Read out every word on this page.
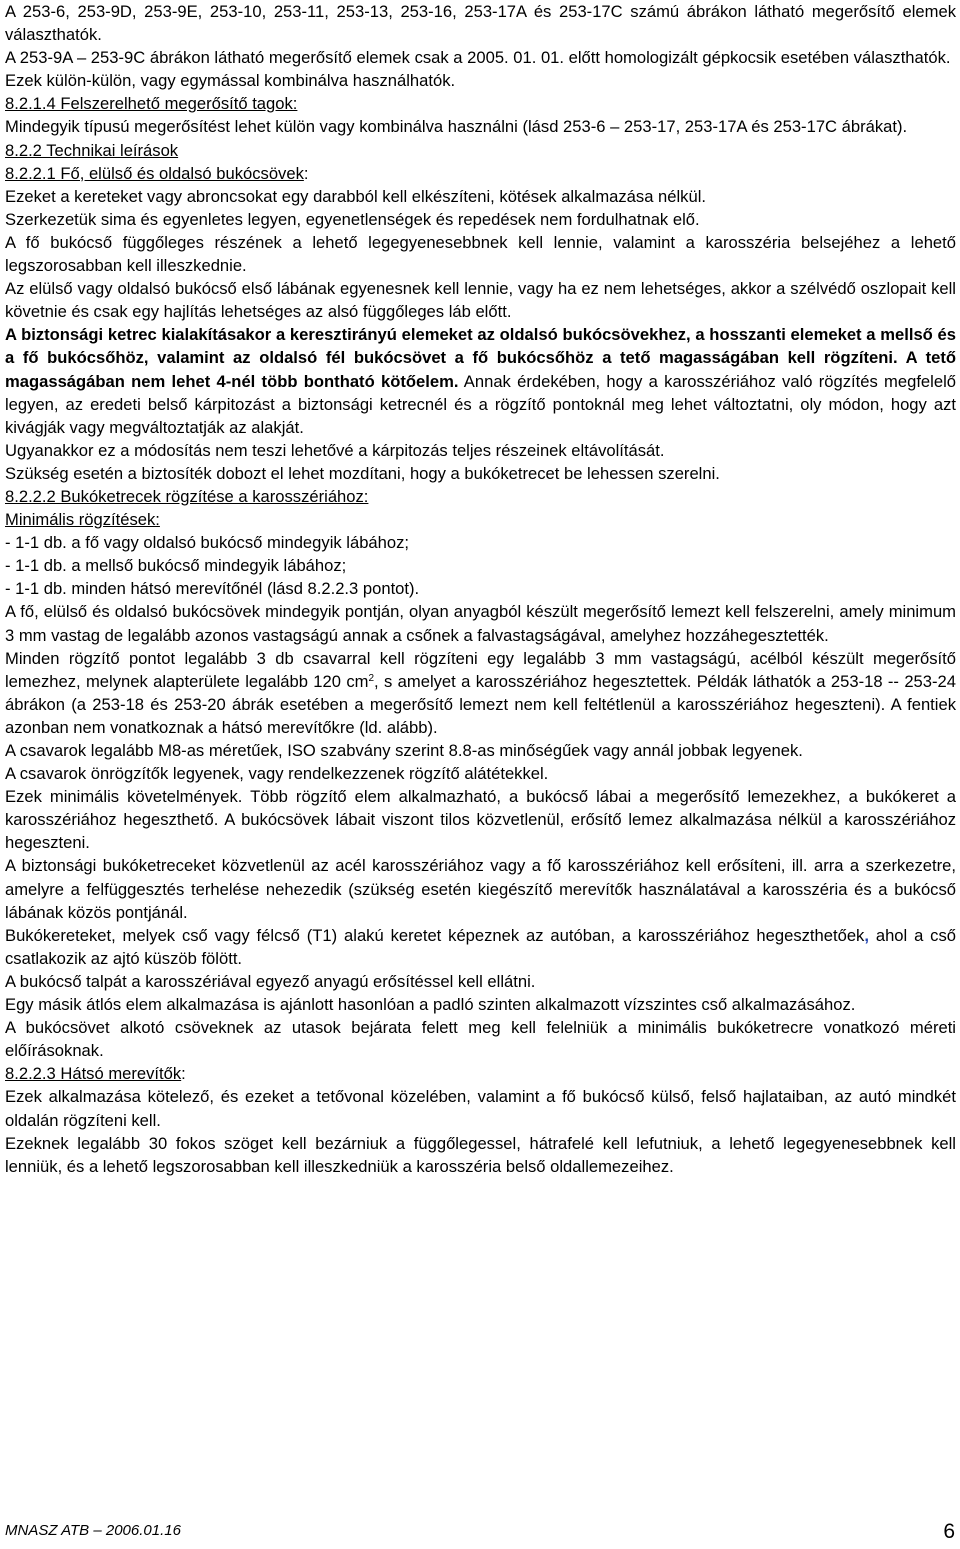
A 253-6, 253-9D, 253-9E, 253-10, 253-11, 253-13, 253-16, 253-17A és 253-17C számú ábrákon látható megerősítő elemek választhatók.

A 253-9A – 253-9C ábrákon látható megerősítő elemek csak a 2005. 01. 01. előtt homologizált gépkocsik esetében választhatók.

Ezek külön-külön, vagy egymással kombinálva használhatók.

8.2.1.4 Felszerelhető megerősítő tagok:

Mindegyik típusú megerősítést lehet külön vagy kombinálva használni (lásd 253-6 – 253-17, 253-17A és 253-17C ábrákat).

8.2.2 Technikai leírások

8.2.2.1 Fő, elülső és oldalsó bukócsövek:

Ezeket a kereteket vagy abroncsokat egy darabból kell elkészíteni, kötések alkalmazása nélkül.

Szerkezetük sima és egyenletes legyen, egyenetlenségek és repedések nem fordulhatnak elő.

A fő bukócső függőleges részének a lehető legegyenesebbnek kell lennie, valamint a karosszéria belsejéhez a lehető legszorosabban kell illeszkednie.

Az elülső vagy oldalsó bukócső első lábának egyenesnek kell lennie, vagy ha ez nem lehetséges, akkor a szélvédő oszlopait kell követnie és csak egy hajlítás lehetséges az alsó függőleges láb előtt.

A biztonsági ketrec kialakításakor a keresztirányú elemeket az oldalsó bukócsövekhez, a hosszanti elemeket a mellső és a fő bukócsőhöz, valamint az oldalsó fél bukócsövet a fő bukócsőhöz a tető magasságában kell rögzíteni. A tető magasságában nem lehet 4-nél több bontható kötőelem. Annak érdekében, hogy a karosszériához való rögzítés megfelelő legyen, az eredeti belső kárpitozást a biztonsági ketrecnél és a rögzítő pontoknál meg lehet változtatni, oly módon, hogy azt kivágják vagy megváltoztatják az alakját.

Ugyanakkor ez a módosítás nem teszi lehetővé a kárpitozás teljes részeinek eltávolítását.

Szükség esetén a biztosíték dobozt el lehet mozdítani, hogy a bukóketrecet be lehessen szerelni.

8.2.2.2 Bukóketrecek rögzítése a karosszériához:

Minimális rögzítések:

- 1-1 db. a fő vagy oldalsó bukócső mindegyik lábához;

- 1-1 db. a mellső bukócső mindegyik lábához;

- 1-1 db. minden hátsó merevítőnél (lásd 8.2.2.3 pontot).

A fő, elülső és oldalsó bukócsövek mindegyik pontján, olyan anyagból készült megerősítő lemezt kell felszerelni, amely minimum 3 mm vastag de legalább azonos vastagságú annak a csőnek a falvastagságával, amelyhez hozzáhegesztették.

Minden rögzítő pontot legalább 3 db csavarral kell rögzíteni egy legalább 3 mm vastagságú, acélból készült megerősítő lemezhez, melynek alapterülete legalább 120 $cm^2$, s amelyet a karosszériához hegesztettek. Példák láthatók a 253-18 -- 253-24 ábrákon (a 253-18 és 253-20 ábrák esetében a megerősítő lemezt nem kell feltétlenül a karosszériához hegeszteni). A fentiek azonban nem vonatkoznak a hátsó merevítőkre (ld. alább).

A csavarok legalább M8-as méretűek, ISO szabvány szerint 8.8-as minőségűek vagy annál jobbak legyenek.

A csavarok önrögzítők legyenek, vagy rendelkezzenek rögzítő alátétekkel.

Ezek minimális követelmények. Több rögzítő elem alkalmazható, a bukócső lábai a megerősítő lemezekhez, a bukókeret a karosszériához hegeszthető. A bukócsövek lábait viszont tilos közvetlenül, erősítő lemez alkalmazása nélkül a karosszériához hegeszteni.

A biztonsági bukóketreceket közvetlenül az acél karosszériához vagy a fő karosszériához kell erősíteni, ill. arra a szerkezetre, amelyre a felfüggesztés terhelése nehezedik (szükség esetén kiegészítő merevítők használatával a karosszéria és a bukócső lábának közös pontjánál.

Bukókereteket, melyek cső vagy félcső (T1) alakú keretet képeznek az autóban, a karosszériához hegeszthetőek, ahol a cső csatlakozik az ajtó küszöb fölött.

A bukócső talpát a karosszériával egyező anyagú erősítéssel kell ellátni.

Egy másik átlós elem alkalmazása is ajánlott hasonlóan a padló szinten alkalmazott vízszintes cső alkalmazásához.

A bukócsövet alkotó csöveknek az utasok bejárata felett meg kell felelniük a minimális bukóketrecre vonatkozó méreti előírásoknak.

8.2.2.3 Hátsó merevítők:

Ezek alkalmazása kötelező, és ezeket a tetővonal közelében, valamint a fő bukócső külső, felső hajlataiban, az autó mindkét oldalán rögzíteni kell.

Ezeknek legalább 30 fokos szöget kell bezárniuk a függőlegessel, hátrafelé kell lefutniuk, a lehető legegyenesebbnek kell lenniük, és a lehető legszorosabban kell illeszkedniük a karosszéria belső oldallemezeihez.

MNASZ ATB – 2006.01.16	6
